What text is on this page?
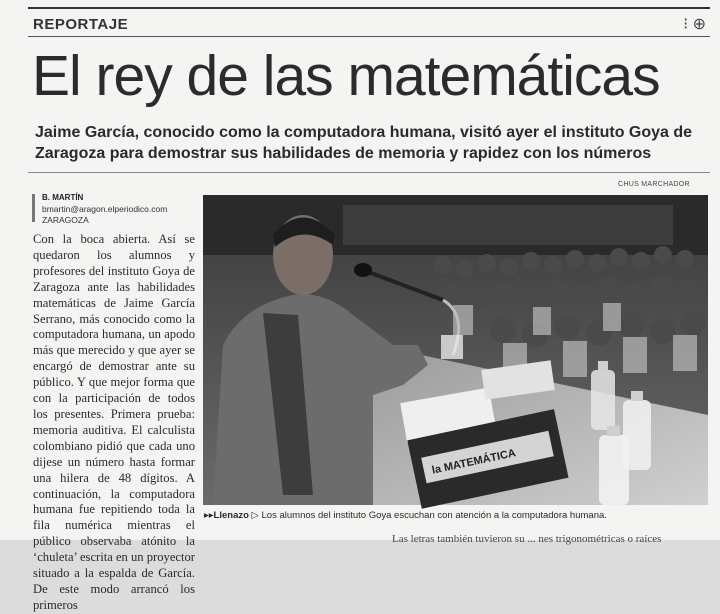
REPORTAJE	⁝ ⊕
El rey de las matemáticas
Jaime García, conocido como la computadora humana, visitó ayer el instituto Goya de Zaragoza para demostrar sus habilidades de memoria y rapidez con los números
CHUS MARCHADOR
B. MARTÍN
bmartin@aragon.elperiodico.com
ZARAGOZA

Con la boca abierta. Así se quedaron los alumnos y profesores del instituto Goya de Zaragoza ante las habilidades matemáticas de Jaime García Serrano, más conocido como la computadora humana, un apodo más que merecido y que ayer se encargó de demostrar ante su público. Y que mejor forma que con la participación de todos los presentes. Primera prueba: memoria auditiva. El calculista colombiano pidió que cada uno dijese un número hasta formar una hilera de 48 dígitos. A continuación, la computadora humana fue repitiendo toda la fila numérica mientras el público observaba atónito la ‘chuleta’ escrita en un proyector situado a la espalda de García. De este modo arrancó los primeros

la MATEMÁTICA
▸▸Llenazo ▷ Los alumnos del instituto Goya escuchan con atención a la computadora humana.
Las letras también tuvieron su ... nes trigonométricas o raíces
